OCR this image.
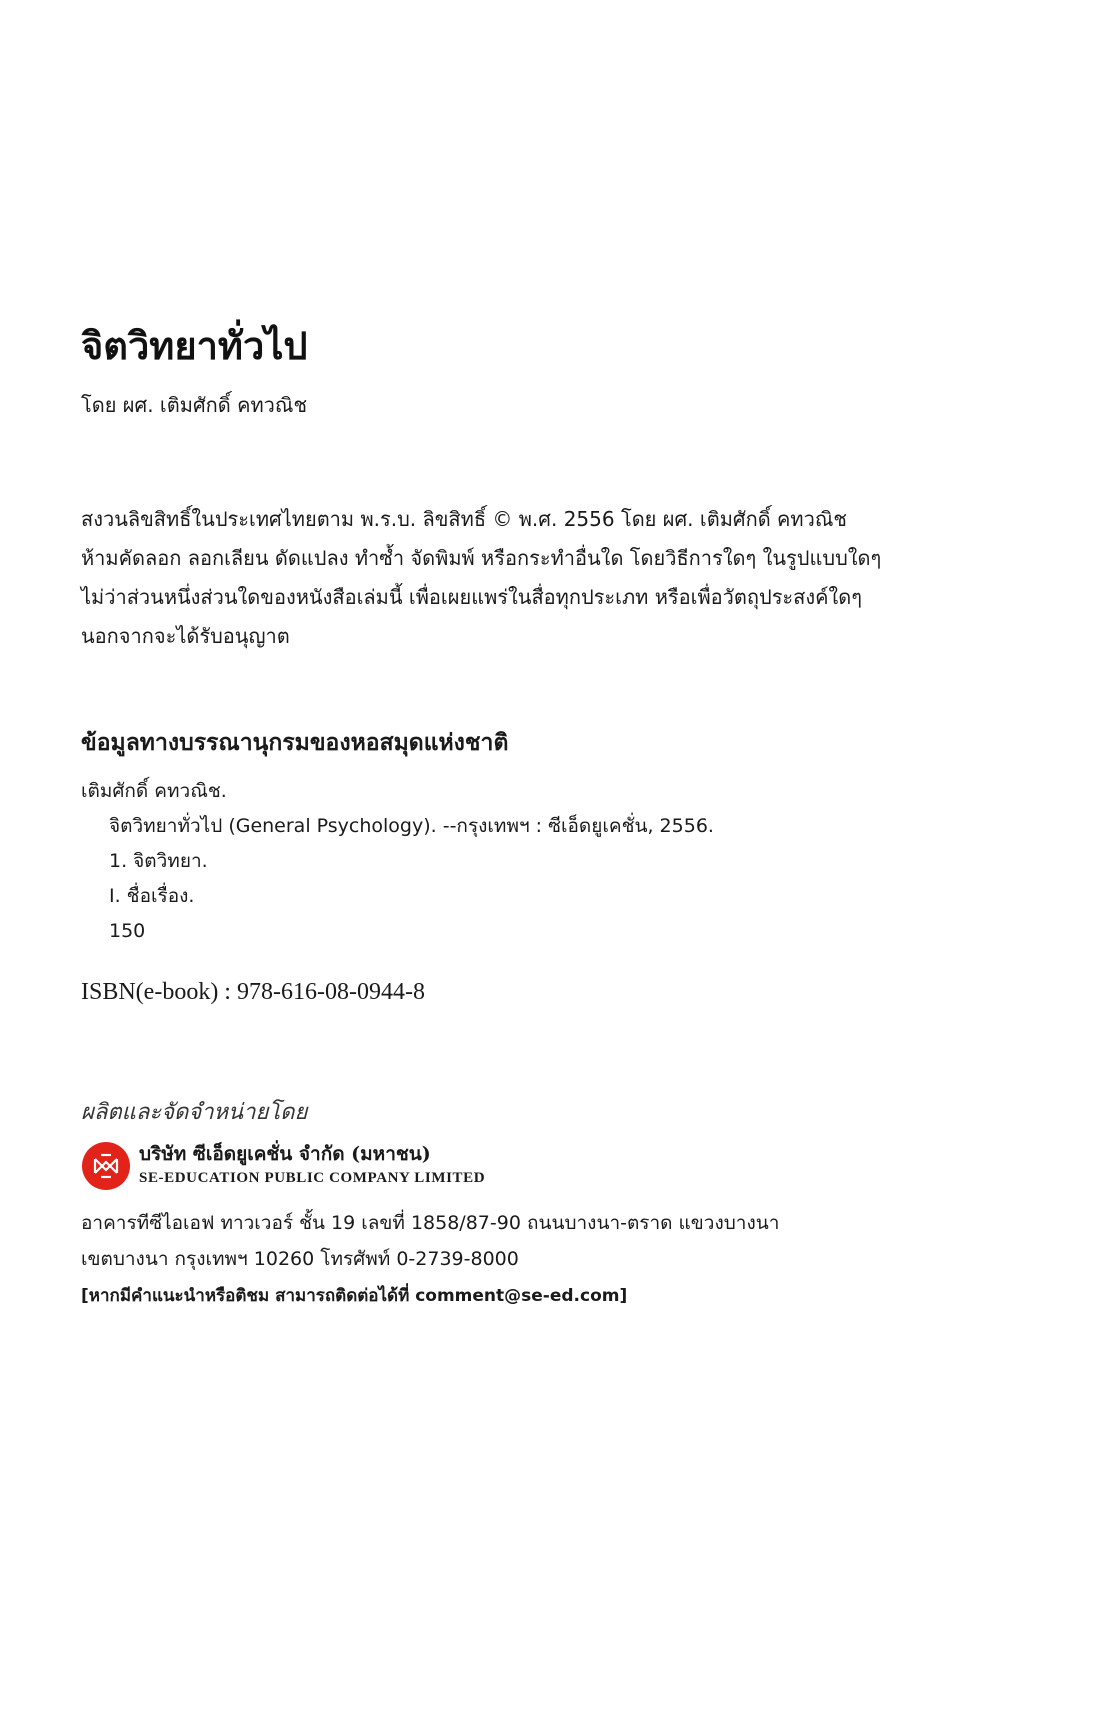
จิตวิทยาทั่วไป
โดย ผศ. เติมศักดิ์ คทวณิช
สงวนลิขสิทธิ์ในประเทศไทยตาม พ.ร.บ. ลิขสิทธิ์ © พ.ศ. 2556 โดย ผศ. เติมศักดิ์ คทวณิช
ห้ามคัดลอก ลอกเลียน ดัดแปลง ทำซ้ำ จัดพิมพ์ หรือกระทำอื่นใด โดยวิธีการใดๆ ในรูปแบบใดๆ
ไม่ว่าส่วนหนึ่งส่วนใดของหนังสือเล่มนี้ เพื่อเผยแพร่ในสื่อทุกประเภท หรือเพื่อวัตถุประสงค์ใดๆ
นอกจากจะได้รับอนุญาต
ข้อมูลทางบรรณานุกรมของหอสมุดแห่งชาติ
เติมศักดิ์ คทวณิช.
จิตวิทยาทั่วไป (General Psychology). --กรุงเทพฯ : ซีเอ็ดยูเคชั่น, 2556.
1. จิตวิทยา.
I. ชื่อเรื่อง.
150
ISBN(e-book) : 978-616-08-0944-8
ผลิตและจัดจำหน่ายโดย
บริษัท ซีเอ็ดยูเคชั่น จำกัด (มหาชน)
SE-EDUCATION PUBLIC COMPANY LIMITED
อาคารทีซีไอเอฟ ทาวเวอร์ ชั้น 19 เลขที่ 1858/87-90 ถนนบางนา-ตราด แขวงบางนา
เขตบางนา กรุงเทพฯ 10260 โทรศัพท์ 0-2739-8000
[หากมีคำแนะนำหรือติชม สามารถติดต่อได้ที่ comment@se-ed.com]
